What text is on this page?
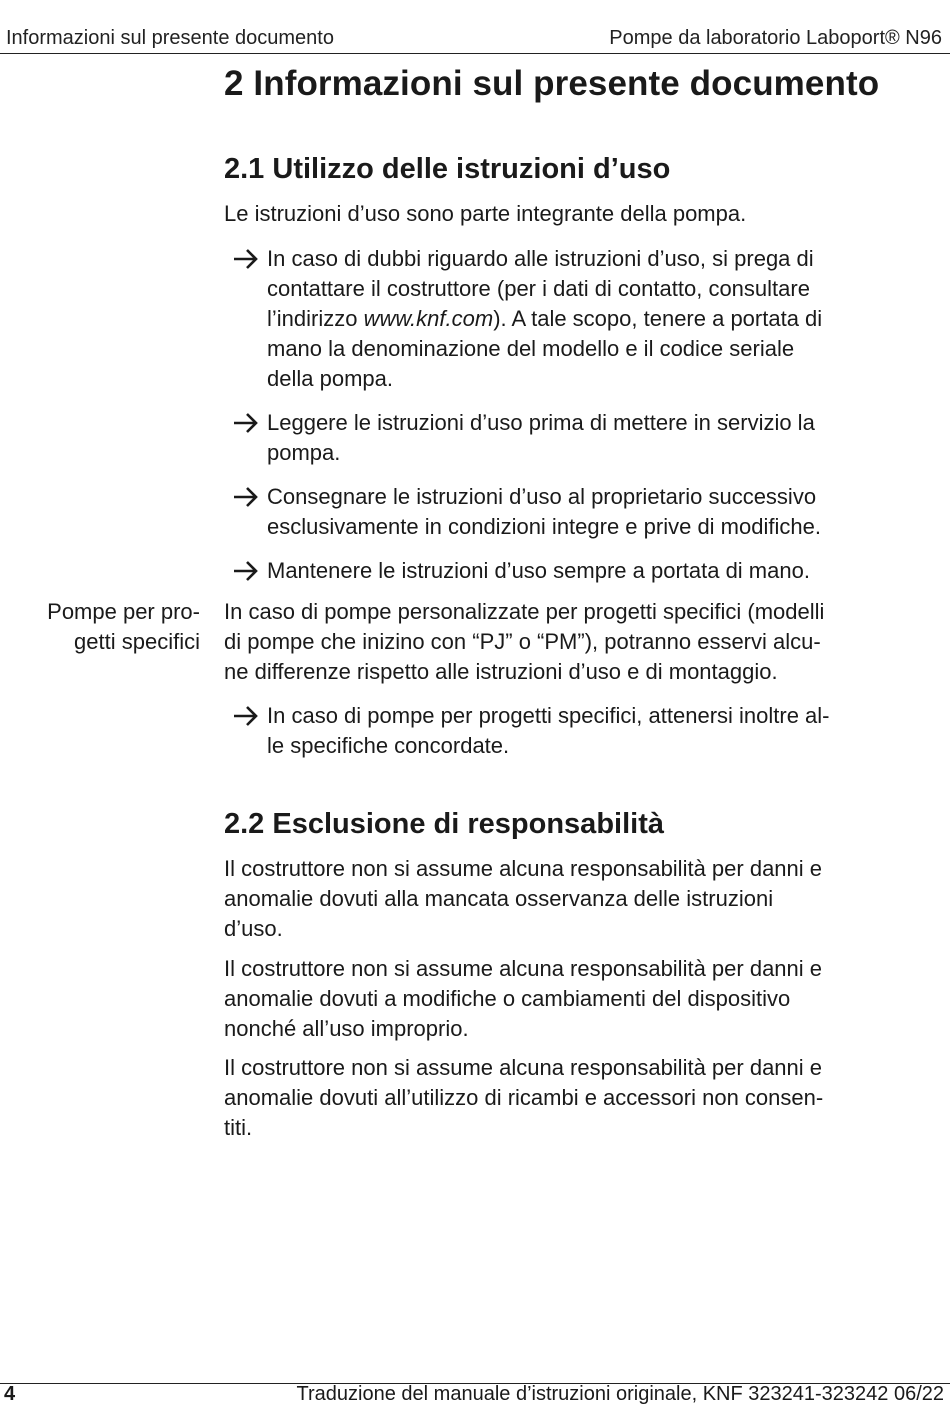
Informazioni sul presente documento	Pompe da laboratorio Laboport® N96
2 Informazioni sul presente documento
2.1 Utilizzo delle istruzioni d’uso
Le istruzioni d’uso sono parte integrante della pompa.
In caso di dubbi riguardo alle istruzioni d’uso, si prega di
contattare il costruttore (per i dati di contatto, consultare
l’indirizzo www.knf.com). A tale scopo, tenere a portata di
mano la denominazione del modello e il codice seriale
della pompa.
Leggere le istruzioni d’uso prima di mettere in servizio la
pompa.
Consegnare le istruzioni d’uso al proprietario successivo
esclusivamente in condizioni integre e prive di modifiche.
Mantenere le istruzioni d’uso sempre a portata di mano.
Pompe per pro-
getti specifici
In caso di pompe personalizzate per progetti specifici (modelli
di pompe che inizino con “PJ” o “PM”), potranno esservi alcu-
ne differenze rispetto alle istruzioni d’uso e di montaggio.
In caso di pompe per progetti specifici, attenersi inoltre al-
le specifiche concordate.
2.2 Esclusione di responsabilità
Il costruttore non si assume alcuna responsabilità per danni e
anomalie dovuti alla mancata osservanza delle istruzioni
d’uso.
Il costruttore non si assume alcuna responsabilità per danni e
anomalie dovuti a modifiche o cambiamenti del dispositivo
nonché all’uso improprio.
Il costruttore non si assume alcuna responsabilità per danni e
anomalie dovuti all’utilizzo di ricambi e accessori non consen-
titi.
4	Traduzione del manuale d’istruzioni originale, KNF 323241-323242 06/22
